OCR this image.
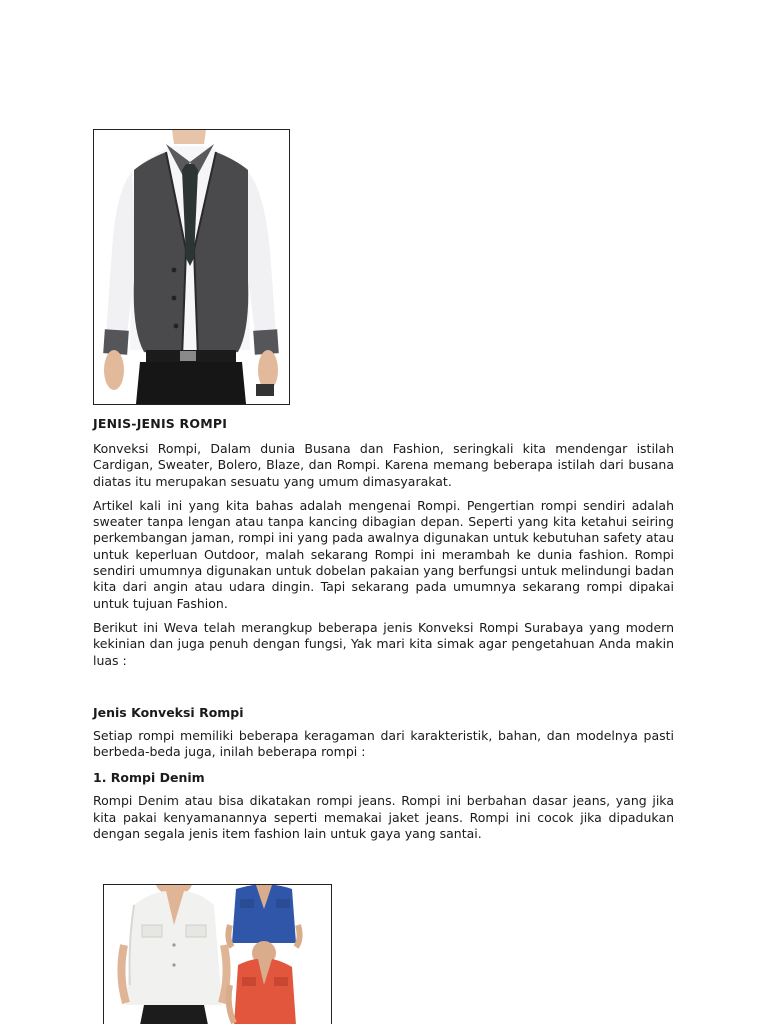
JENIS-JENIS ROMPI

Konveksi Rompi, Dalam dunia Busana dan Fashion, seringkali kita mendengar istilah Cardigan, Sweater, Bolero, Blaze, dan Rompi. Karena memang beberapa istilah dari busana diatas itu merupakan sesuatu yang umum dimasyarakat.

Artikel kali ini yang kita bahas adalah mengenai Rompi. Pengertian rompi sendiri adalah sweater tanpa lengan atau tanpa kancing dibagian depan. Seperti yang kita ketahui seiring perkembangan jaman, rompi ini yang pada awalnya digunakan untuk kebutuhan safety atau untuk keperluan Outdoor, malah sekarang Rompi ini merambah ke dunia fashion. Rompi sendiri umumnya digunakan untuk dobelan pakaian yang berfungsi untuk melindungi badan kita dari angin atau udara dingin. Tapi sekarang pada umumnya sekarang rompi dipakai untuk tujuan Fashion.

Berikut ini Weva telah merangkup beberapa jenis Konveksi Rompi Surabaya yang modern kekinian dan juga penuh dengan fungsi, Yak mari kita simak agar pengetahuan Anda makin luas :

Jenis Konveksi Rompi

Setiap rompi memiliki beberapa keragaman dari karakteristik, bahan, dan modelnya pasti berbeda-beda juga, inilah beberapa rompi :

1. Rompi Denim

Rompi Denim atau bisa dikatakan rompi jeans. Rompi ini berbahan dasar jeans, yang jika kita pakai kenyamanannya seperti memakai jaket jeans. Rompi ini cocok jika dipadukan dengan segala jenis item fashion lain untuk gaya yang santai.
